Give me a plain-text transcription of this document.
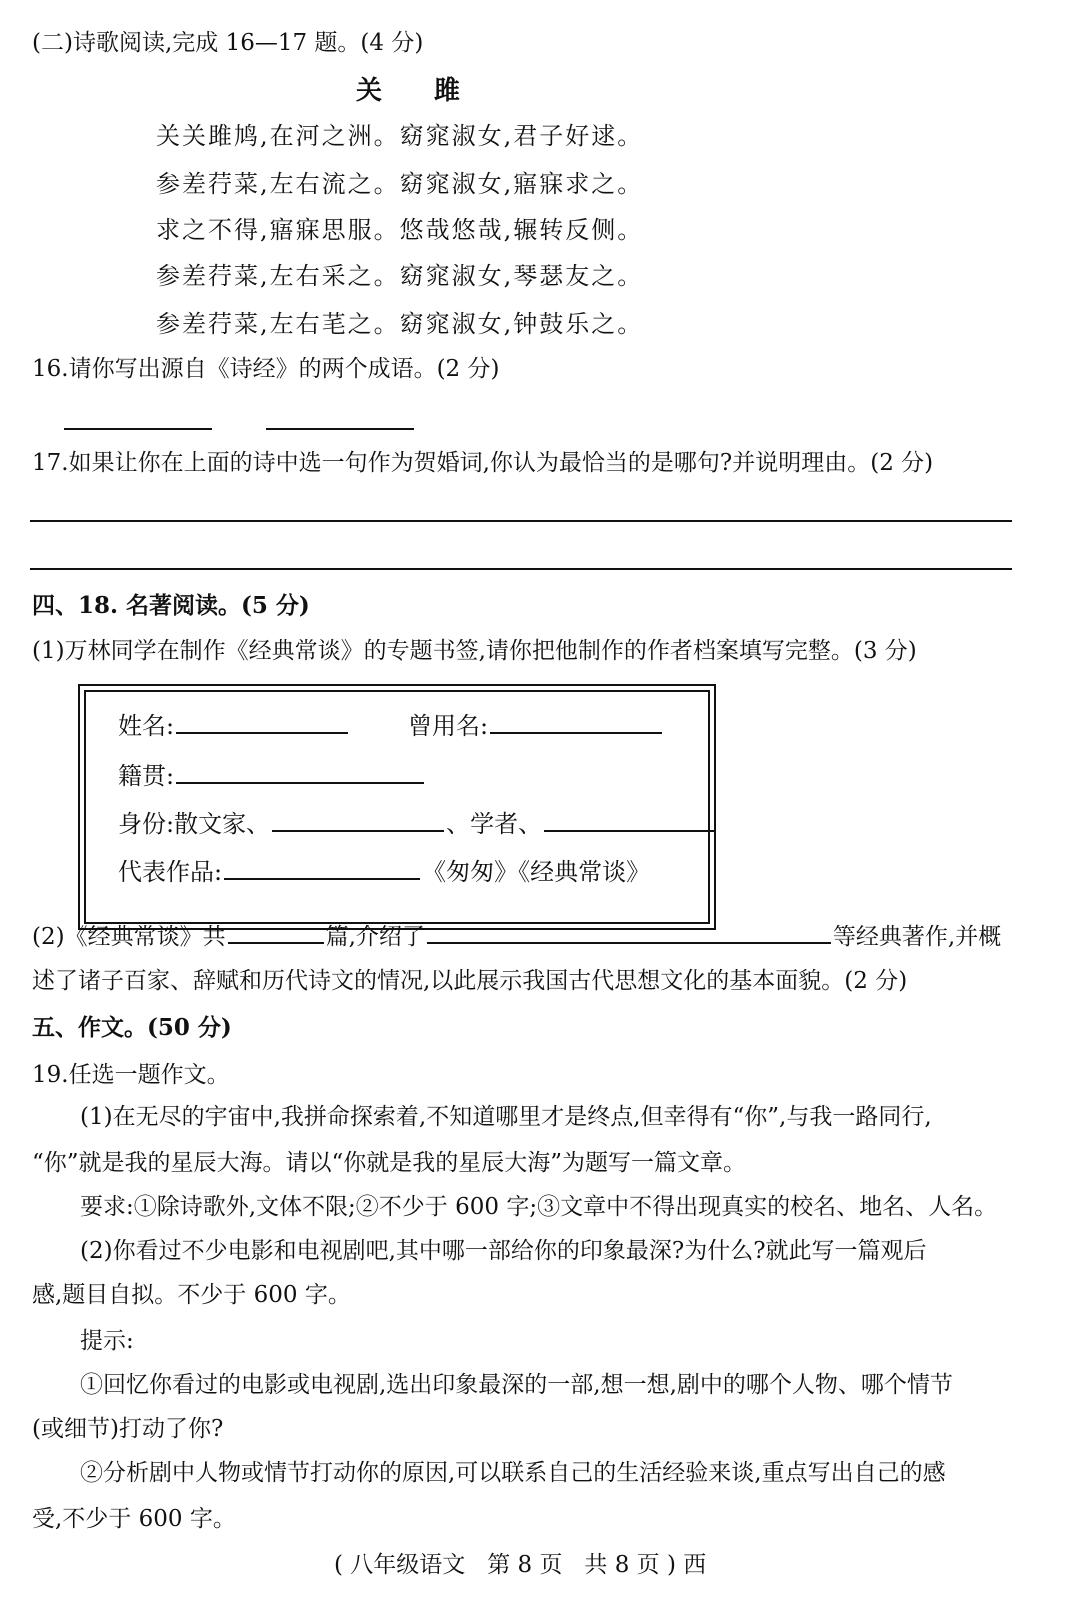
(二)诗歌阅读,完成 16—17 题。(4 分)
关 雎
关关雎鸠,在河之洲。窈窕淑女,君子好逑。
参差荇菜,左右流之。窈窕淑女,寤寐求之。
求之不得,寤寐思服。悠哉悠哉,辗转反侧。
参差荇菜,左右采之。窈窕淑女,琴瑟友之。
参差荇菜,左右芼之。窈窕淑女,钟鼓乐之。
16.请你写出源自《诗经》的两个成语。(2 分)
17.如果让你在上面的诗中选一句作为贺婚词,你认为最恰当的是哪句?并说明理由。(2 分)
四、18. 名著阅读。(5 分)
(1)万林同学在制作《经典常谈》的专题书签,请你把他制作的作者档案填写完整。(3 分)
姓名:	曾用名:
籍贯:
身份:散文家、	、学者、
代表作品:	《匆匆》《经典常谈》
(2)《经典常谈》共	篇,介绍了	等经典著作,并概
述了诸子百家、辞赋和历代诗文的情况,以此展示我国古代思想文化的基本面貌。(2 分)
五、作文。(50 分)
19.任选一题作文。
(1)在无尽的宇宙中,我拼命探索着,不知道哪里才是终点,但幸得有“你”,与我一路同行,
“你”就是我的星辰大海。请以“你就是我的星辰大海”为题写一篇文章。
要求:①除诗歌外,文体不限;②不少于 600 字;③文章中不得出现真实的校名、地名、人名。
(2)你看过不少电影和电视剧吧,其中哪一部给你的印象最深?为什么?就此写一篇观后
感,题目自拟。不少于 600 字。
提示:
①回忆你看过的电影或电视剧,选出印象最深的一部,想一想,剧中的哪个人物、哪个情节
(或细节)打动了你?
②分析剧中人物或情节打动你的原因,可以联系自己的生活经验来谈,重点写出自己的感
受,不少于 600 字。
( 八年级语文   第 8 页   共 8 页 ) 西
